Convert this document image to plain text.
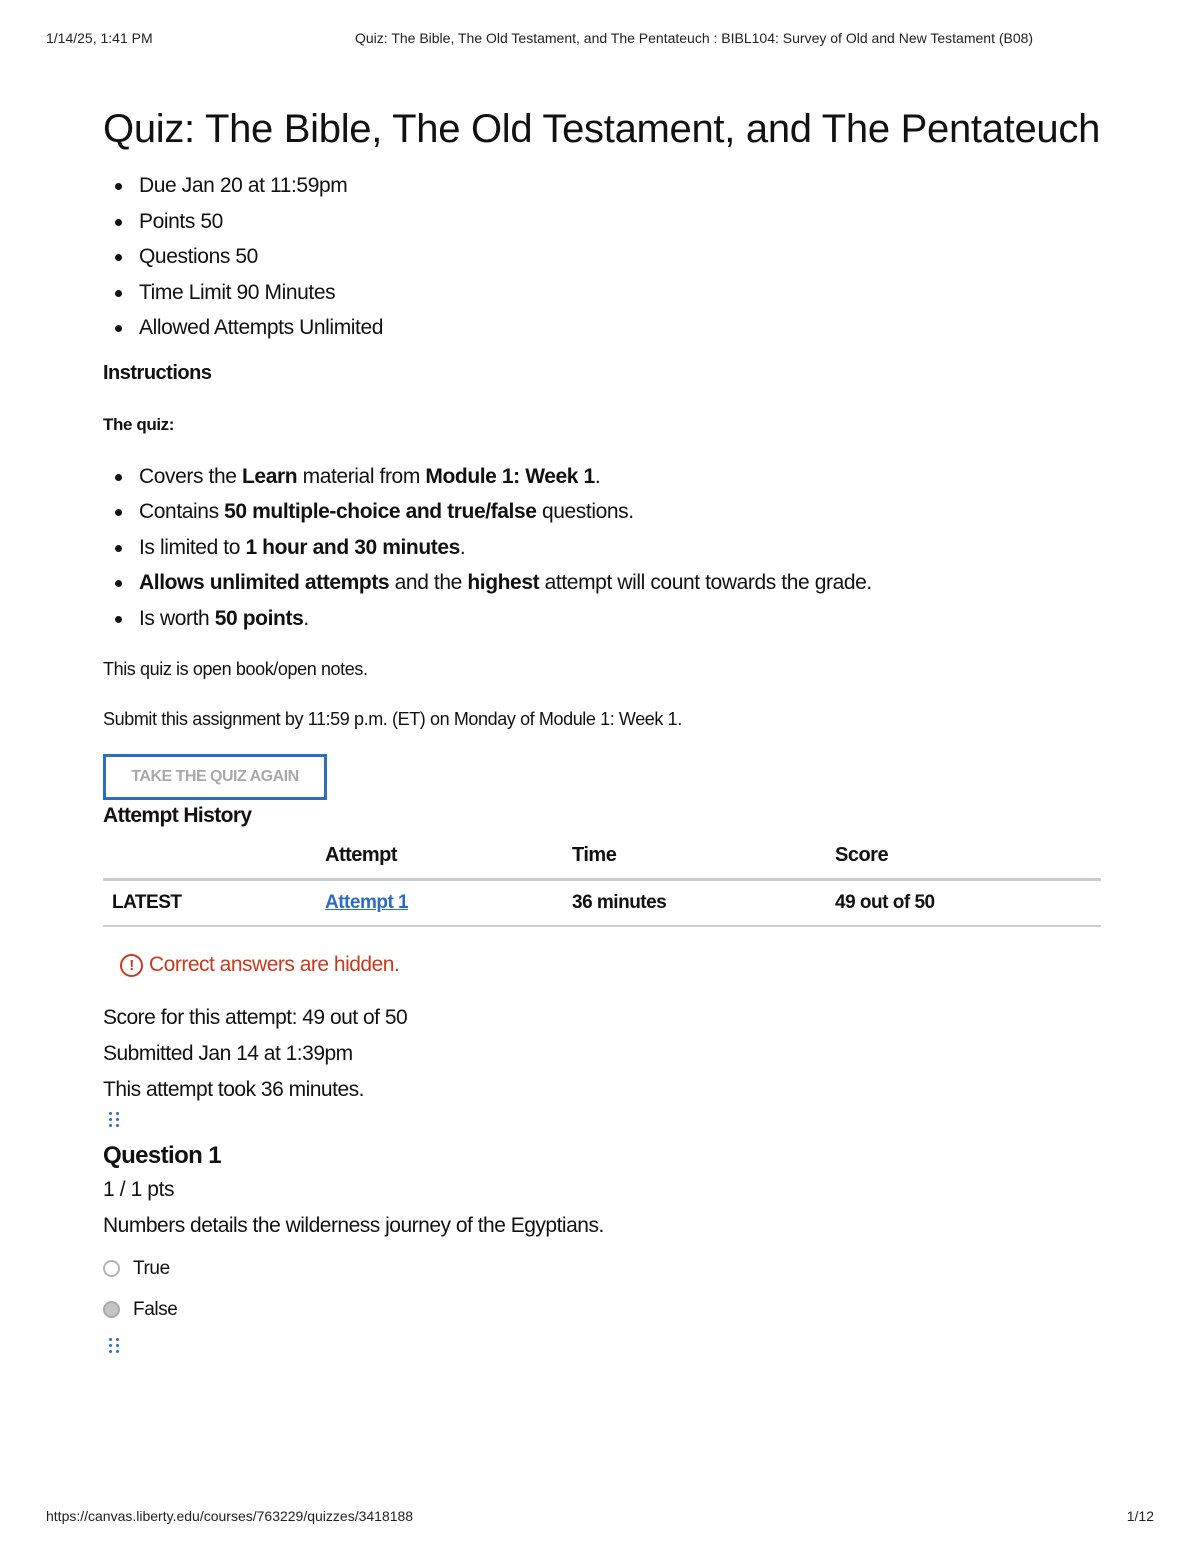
1/14/25, 1:41 PM	Quiz: The Bible, The Old Testament, and The Pentateuch : BIBL104: Survey of Old and New Testament (B08)
Quiz: The Bible, The Old Testament, and The Pentateuch
Due Jan 20 at 11:59pm
Points 50
Questions 50
Time Limit 90 Minutes
Allowed Attempts Unlimited
Instructions
The quiz:
Covers the Learn material from Module 1: Week 1.
Contains 50 multiple-choice and true/false questions.
Is limited to 1 hour and 30 minutes.
Allows unlimited attempts and the highest attempt will count towards the grade.
Is worth 50 points.
This quiz is open book/open notes.
Submit this assignment by 11:59 p.m. (ET) on Monday of Module 1: Week 1.
TAKE THE QUIZ AGAIN
Attempt History
	Attempt	Time	Score
LATEST	Attempt 1	36 minutes	49 out of 50
! Correct answers are hidden.
Score for this attempt: 49 out of 50
Submitted Jan 14 at 1:39pm
This attempt took 36 minutes.
Question 1
1 / 1 pts
Numbers details the wilderness journey of the Egyptians.
True
False
https://canvas.liberty.edu/courses/763229/quizzes/3418188	1/12
